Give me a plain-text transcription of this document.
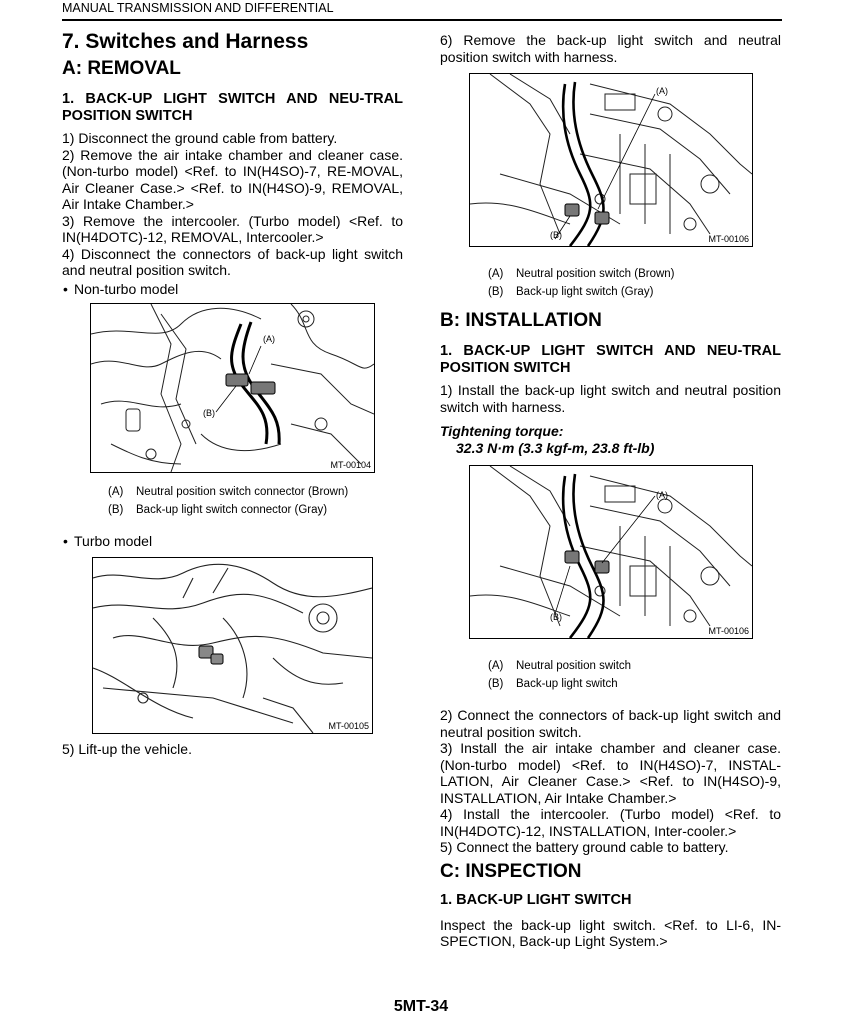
MANUAL TRANSMISSION AND DIFFERENTIAL
7. Switches and Harness
A: REMOVAL
1. BACK-UP LIGHT SWITCH AND NEU-TRAL POSITION SWITCH

1) Disconnect the ground cable from battery.

2) Remove the air intake chamber and cleaner case. (Non-turbo model) <Ref. to IN(H4SO)-7, RE-MOVAL, Air Cleaner Case.> <Ref. to IN(H4SO)-9, REMOVAL, Air Intake Chamber.>

3) Remove the intercooler. (Turbo model) <Ref. to IN(H4DOTC)-12, REMOVAL, Intercooler.>

4) Disconnect the connectors of back-up light switch and neutral position switch.

• Non-turbo model
(A)
(B)
MT-00104
(A)	Neutral position switch connector (Brown)
(B)	Back-up light switch connector (Gray)
• Turbo model
MT-00105

5) Lift-up the vehicle.

6) Remove the back-up light switch and neutral position switch with harness.

(A)
(B)	MT-00106
(A)	Neutral position switch (Brown)
(B)	Back-up light switch (Gray)
B: INSTALLATION
1. BACK-UP LIGHT SWITCH AND NEU-TRAL POSITION SWITCH

1) Install the back-up light switch and neutral position switch with harness.

Tightening torque:
32.3 N·m (3.3 kgf-m, 23.8 ft-lb)
(A)
(B)
MT-00106
(A)	Neutral position switch
(B)	Back-up light switch

2) Connect the connectors of back-up light switch and neutral position switch.

3) Install the air intake chamber and cleaner case. (Non-turbo model) <Ref. to IN(H4SO)-7, INSTAL-LATION, Air Cleaner Case.> <Ref. to IN(H4SO)-9, INSTALLATION, Air Intake Chamber.>

4) Install the intercooler. (Turbo model) <Ref. to IN(H4DOTC)-12, INSTALLATION, Inter-cooler.>

5) Connect the battery ground cable to battery.

C: INSPECTION
1. BACK-UP LIGHT SWITCH

Inspect the back-up light switch. <Ref. to LI-6, IN-SPECTION, Back-up Light System.>

5MT-34
